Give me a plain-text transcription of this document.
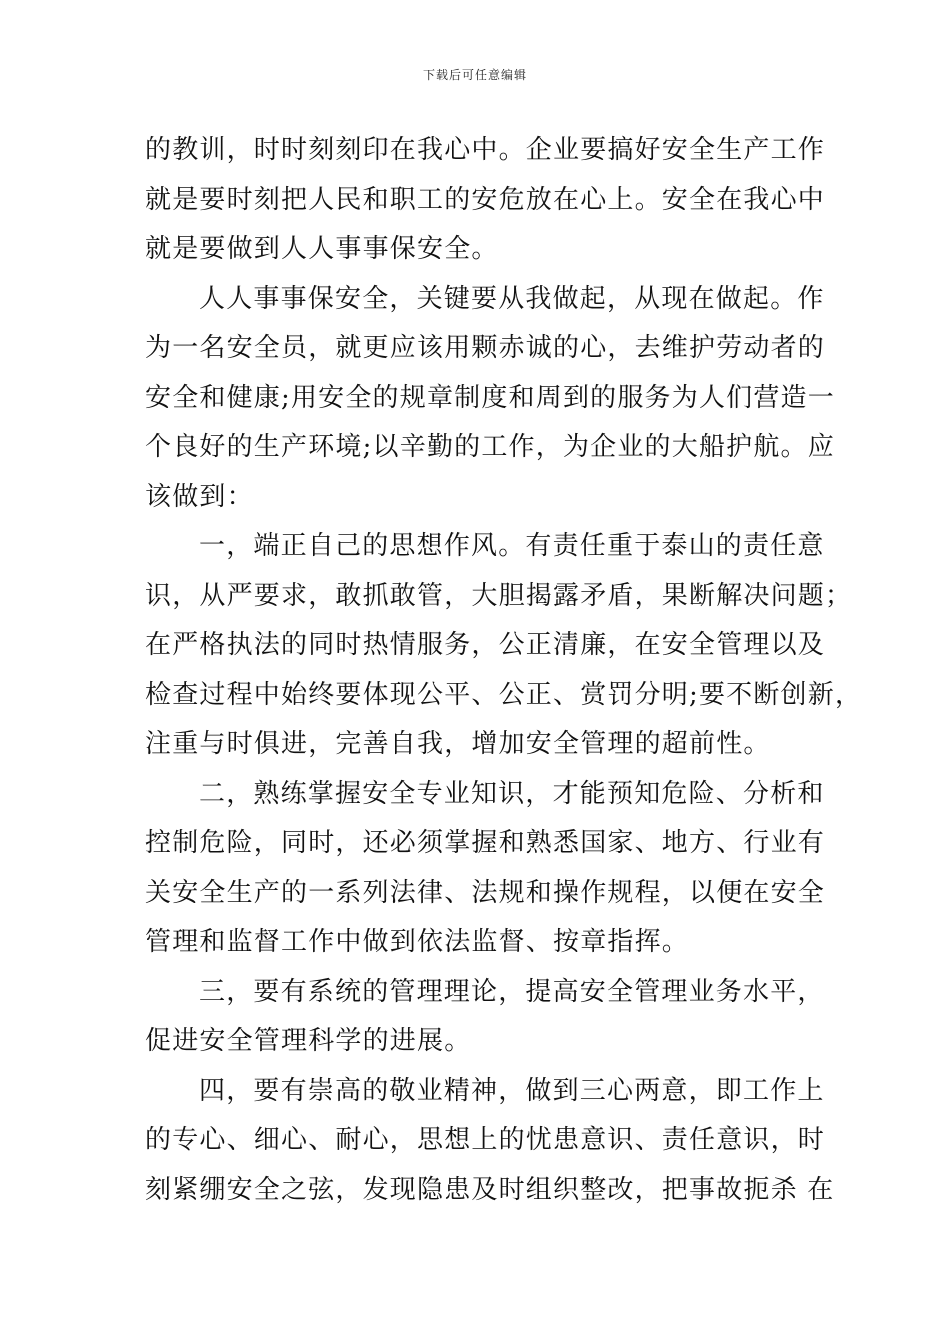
下载后可任意编辑
的教训，时时刻刻印在我心中。企业要搞好安全生产工作
就是要时刻把人民和职工的安危放在心上。安全在我心中
就是要做到人人事事保安全。
人人事事保安全，关键要从我做起，从现在做起。作
为一名安全员，就更应该用颗赤诚的心，去维护劳动者的
安全和健康;用安全的规章制度和周到的服务为人们营造一
个良好的生产环境;以辛勤的工作，为企业的大船护航。应
该做到：
一，端正自己的思想作风。有责任重于泰山的责任意
识，从严要求，敢抓敢管，大胆揭露矛盾，果断解决问题；
在严格执法的同时热情服务，公正清廉，在安全管理以及
检查过程中始终要体现公平、公正、赏罚分明;要不断创新，
注重与时俱进，完善自我，增加安全管理的超前性。
二，熟练掌握安全专业知识，才能预知危险、分析和
控制危险，同时，还必须掌握和熟悉国家、地方、行业有
关安全生产的一系列法律、法规和操作规程，以便在安全
管理和监督工作中做到依法监督、按章指挥。
三，要有系统的管理理论，提高安全管理业务水平，
促进安全管理科学的进展。
四，要有崇高的敬业精神，做到三心两意，即工作上
的专心、细心、耐心，思想上的忧患意识、责任意识，时
刻紧绷安全之弦，发现隐患及时组织整改，把事故扼杀 在
